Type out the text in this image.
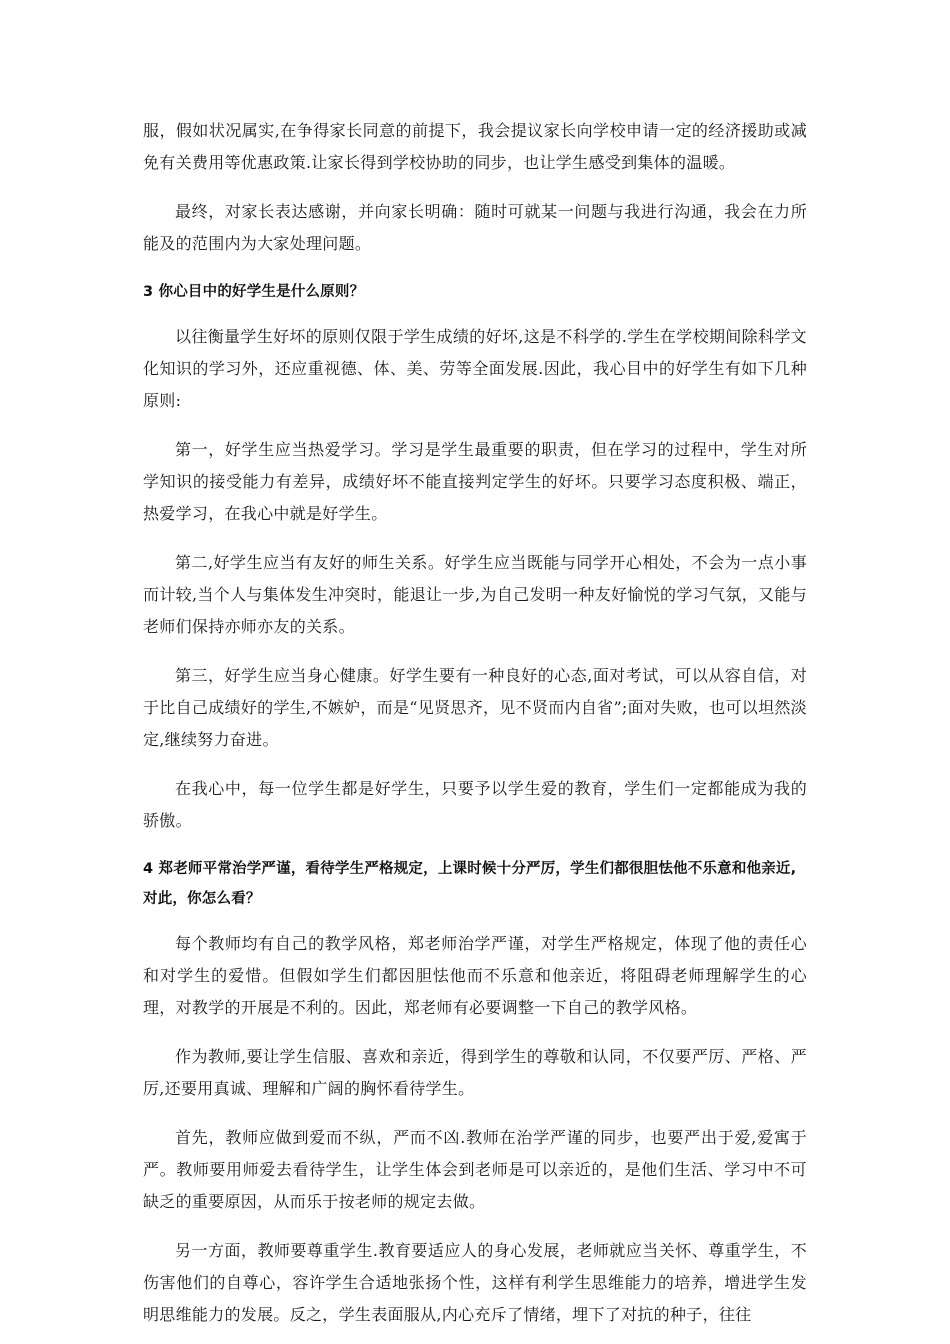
服，假如状况属实,在争得家长同意的前提下，我会提议家长向学校申请一定的经济援助或减免有关费用等优惠政策.让家长得到学校协助的同步，也让学生感受到集体的温暖。

最终，对家长表达感谢，并向家长明确：随时可就某一问题与我进行沟通，我会在力所能及的范围内为大家处理问题。

3 你心目中的好学生是什么原则？

以往衡量学生好坏的原则仅限于学生成绩的好坏,这是不科学的.学生在学校期间除科学文化知识的学习外，还应重视德、体、美、劳等全面发展.因此，我心目中的好学生有如下几种原则:

第一，好学生应当热爱学习。学习是学生最重要的职责，但在学习的过程中，学生对所学知识的接受能力有差异，成绩好坏不能直接判定学生的好坏。只要学习态度积极、端正，热爱学习，在我心中就是好学生。

第二,好学生应当有友好的师生关系。好学生应当既能与同学开心相处，不会为一点小事而计较,当个人与集体发生冲突时，能退让一步,为自己发明一种友好愉悦的学习气氛，又能与老师们保持亦师亦友的关系。

第三，好学生应当身心健康。好学生要有一种良好的心态,面对考试，可以从容自信，对于比自己成绩好的学生,不嫉妒，而是“见贤思齐，见不贤而内自省”;面对失败，也可以坦然淡定,继续努力奋进。

在我心中，每一位学生都是好学生，只要予以学生爱的教育，学生们一定都能成为我的骄傲。

4 郑老师平常治学严谨，看待学生严格规定，上课时候十分严厉，学生们都很胆怯他不乐意和他亲近,对此，你怎么看？

每个教师均有自己的教学风格，郑老师治学严谨，对学生严格规定，体现了他的责任心和对学生的爱惜。但假如学生们都因胆怯他而不乐意和他亲近，将阻碍老师理解学生的心理，对教学的开展是不利的。因此，郑老师有必要调整一下自己的教学风格。

作为教师,要让学生信服、喜欢和亲近，得到学生的尊敬和认同，不仅要严厉、严格、严厉,还要用真诚、理解和广阔的胸怀看待学生。

首先，教师应做到爱而不纵，严而不凶.教师在治学严谨的同步，也要严出于爱,爱寓于严。教师要用师爱去看待学生，让学生体会到老师是可以亲近的，是他们生活、学习中不可缺乏的重要原因，从而乐于按老师的规定去做。

另一方面，教师要尊重学生.教育要适应人的身心发展，老师就应当关怀、尊重学生，不伤害他们的自尊心，容许学生合适地张扬个性，这样有利学生思维能力的培养，增进学生发明思维能力的发展。反之，学生表面服从,内心充斥了情绪，埋下了对抗的种子，往往
